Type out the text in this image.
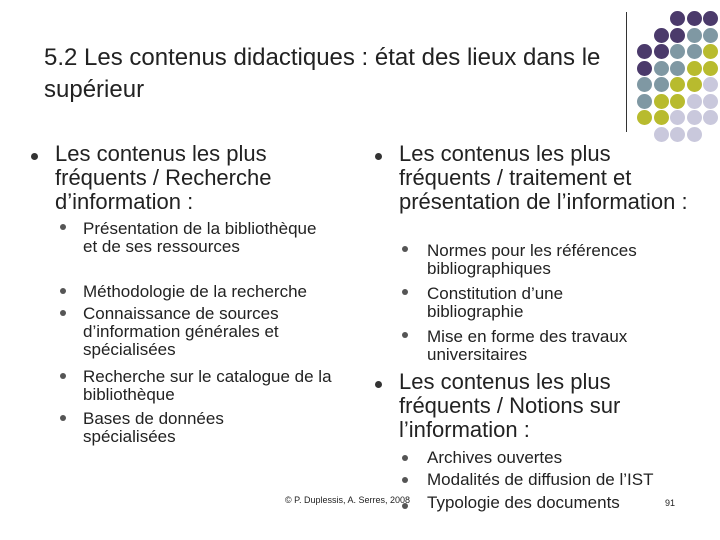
5.2 Les contenus didactiques : état des lieux dans le supérieur
Les contenus les plus fréquents / Recherche d’information :
Présentation de la bibliothèque et de ses ressources
Méthodologie de la recherche
Connaissance de sources d’information générales et spécialisées
Recherche sur le catalogue de la bibliothèque
Bases de données spécialisées
Les contenus les plus fréquents / traitement et présentation de l’information :
Normes pour les références bibliographiques
Constitution d’une bibliographie
Mise en forme des travaux universitaires
Les contenus les plus fréquents / Notions sur l’information :
Archives ouvertes
Modalités de diffusion de l’IST
Typologie des documents
© P. Duplessis, A. Serres, 2008	91
